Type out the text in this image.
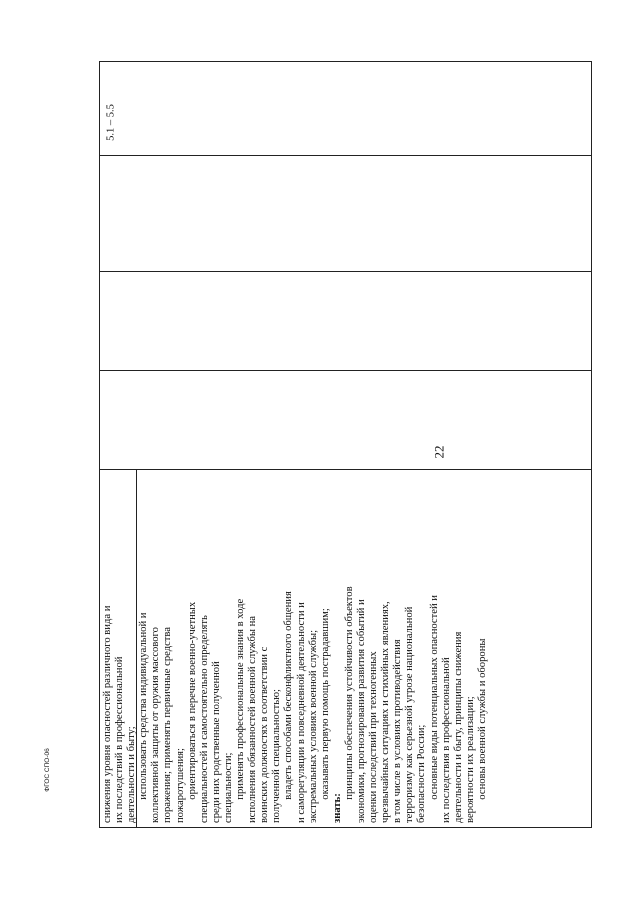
22
ФГОС СПО-06	снижения уровня опасностей различного вида и их последствий в профессиональной деятельности и быту; использовать средства индивидуальной и коллективной защиты от оружия массового поражения; применять первичные средства пожаротушения; ориентироваться в перечне военно-учетных специальностей и самостоятельно определять среди них родственные полученной специальности; применять профессиональные знания в ходе исполнения обязанностей военной службы на воинских должностях в соответствии с полученной специальностью; владеть способами бесконфликтного общения и саморегуляции в повседневной деятельности и экстремальных условиях военной службы; оказывать первую помощь пострадавшим;

знать:

принципы обеспечения устойчивости объектов экономики, прогнозирования развития событий и оценки последствий при техногенных чрезвычайных ситуациях и стихийных явлениях, в том числе в условиях противодействия терроризму как серьезной угрозе национальной безопасности России; основные виды потенциальных опасностей и их последствия в профессиональной деятельности и быту, принципы снижения вероятности их реализации; основы военной службы и обороны

5.1 – 5.5
